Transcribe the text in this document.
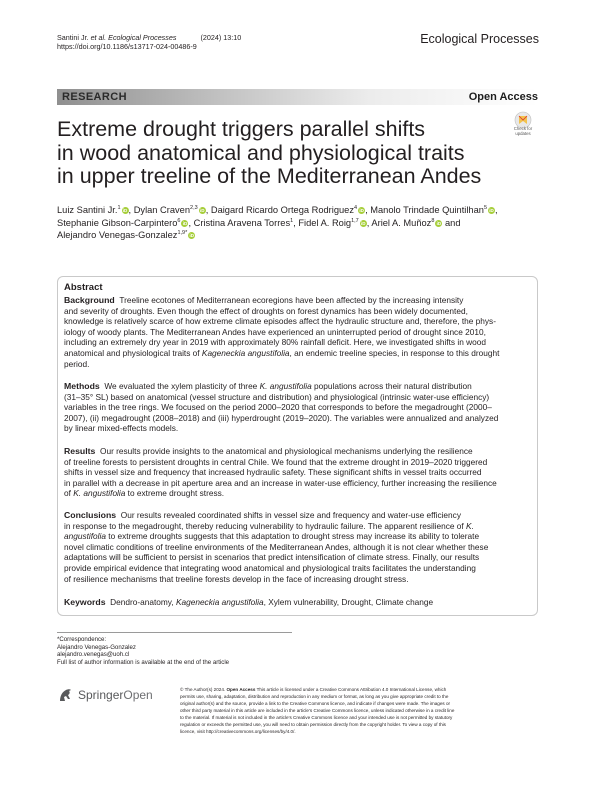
Santini Jr. et al. Ecological Processes	(2024) 13:10
https://doi.org/10.1186/s13717-024-00486-9
Ecological Processes
RESEARCH	Open Access
Check for
updates
Extreme drought triggers parallel shifts
in wood anatomical and physiological traits
in upper treeline of the Mediterranean Andes
Luiz Santini Jr.$^1$ iD, Dylan Craven$^{2,3}$ iD, Daigard Ricardo Ortega Rodriguez$^4$ iD, Manolo Trindade Quintilhan$^5$ iD,
Stephanie Gibson-Carpintero$^6$ iD, Cristina Aravena Torres$^1$, Fidel A. Roig$^{1,7}$ iD, Ariel A. Muñoz$^8$ iD and
Alejandro Venegas-Gonzalez$^{1,9*}$ iD
Abstract
Background Treeline ecotones of Mediterranean ecoregions have been affected by the increasing intensity
and severity of droughts. Even though the effect of droughts on forest dynamics has been widely documented,
knowledge is relatively scarce of how extreme climate episodes affect the hydraulic structure and, therefore, the phys-
iology of woody plants. The Mediterranean Andes have experienced an uninterrupted period of drought since 2010,
including an extremely dry year in 2019 with approximately 80% rainfall deficit. Here, we investigated shifts in wood
anatomical and physiological traits of Kageneckia angustifolia, an endemic treeline species, in response to this drought
period.
Methods We evaluated the xylem plasticity of three K. angustifolia populations across their natural distribution
(31–35° SL) based on anatomical (vessel structure and distribution) and physiological (intrinsic water-use efficiency)
variables in the tree rings. We focused on the period 2000–2020 that corresponds to before the megadrought (2000–
2007), (ii) megadrought (2008–2018) and (iii) hyperdrought (2019–2020). The variables were annualized and analyzed
by linear mixed-effects models.
Results Our results provide insights to the anatomical and physiological mechanisms underlying the resilience
of treeline forests to persistent droughts in central Chile. We found that the extreme drought in 2019–2020 triggered
shifts in vessel size and frequency that increased hydraulic safety. These significant shifts in vessel traits occurred
in parallel with a decrease in pit aperture area and an increase in water-use efficiency, further increasing the resilience
of K. angustifolia to extreme drought stress.
Conclusions Our results revealed coordinated shifts in vessel size and frequency and water-use efficiency
in response to the megadrought, thereby reducing vulnerability to hydraulic failure. The apparent resilience of K.
angustifolia to extreme droughts suggests that this adaptation to drought stress may increase its ability to tolerate
novel climatic conditions of treeline environments of the Mediterranean Andes, although it is not clear whether these
adaptations will be sufficient to persist in scenarios that predict intensification of climate stress. Finally, our results
provide empirical evidence that integrating wood anatomical and physiological traits facilitates the understanding
of resilience mechanisms that treeline forests develop in the face of increasing drought stress.
Keywords Dendro-anatomy, Kageneckia angustifolia, Xylem vulnerability, Drought, Climate change
*Correspondence:
Alejandro Venegas-Gonzalez
alejandro.venegas@uoh.cl
Full list of author information is available at the end of the article
SpringerOpen	© The Author(s) 2024. Open Access This article is licensed under a Creative Commons Attribution 4.0 International License, which
permits use, sharing, adaptation, distribution and reproduction in any medium or format, as long as you give appropriate credit to the
original author(s) and the source, provide a link to the Creative Commons licence, and indicate if changes were made. The images or
other third party material in this article are included in the article’s Creative Commons licence, unless indicated otherwise in a credit line
to the material. If material is not included in the article’s Creative Commons licence and your intended use is not permitted by statutory
regulation or exceeds the permitted use, you will need to obtain permission directly from the copyright holder. To view a copy of this
licence, visit http://creativecommons.org/licenses/by/4.0/.
